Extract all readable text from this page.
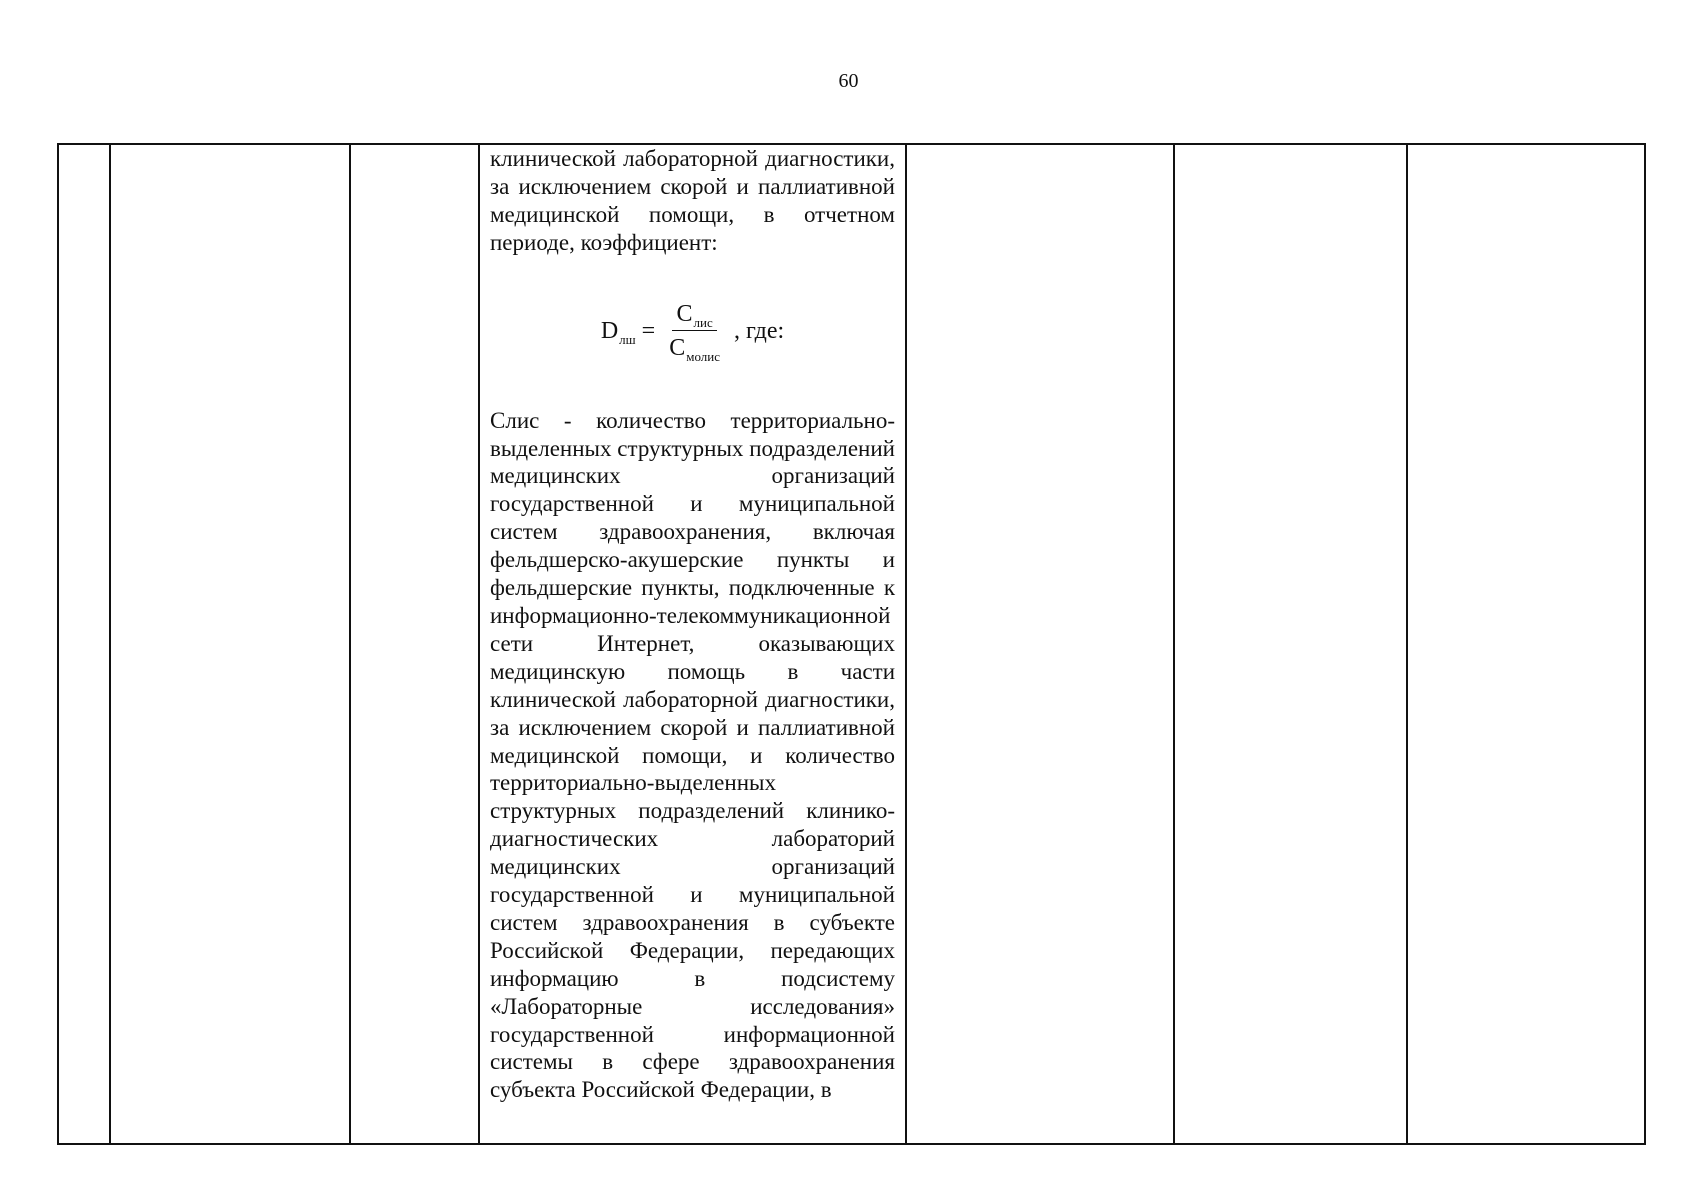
60

клинической лабораторной диагностики, за исключением скорой и паллиативной медицинской помощи, в отчетном периоде, коэффициент:

D лш = $\frac{\text{С лис}}{\text{С молис}}$ , где:

Слис - количество территориально-выделенных структурных подразделений медицинских организаций государственной и муниципальной систем здравоохранения, включая фельдшерско-акушерские пункты и фельдшерские пункты, подключенные к информационно-телекоммуникационной сети Интернет, оказывающих медицинскую помощь в части клинической лабораторной диагностики, за исключением скорой и паллиативной медицинской помощи, и количество территориально-выделенных структурных подразделений клинико-диагностических лабораторий медицинских организаций государственной и муниципальной систем здравоохранения в субъекте Российской Федерации, передающих информацию в подсистему «Лабораторные исследования» государственной информационной системы в сфере здравоохранения субъекта Российской Федерации, в
